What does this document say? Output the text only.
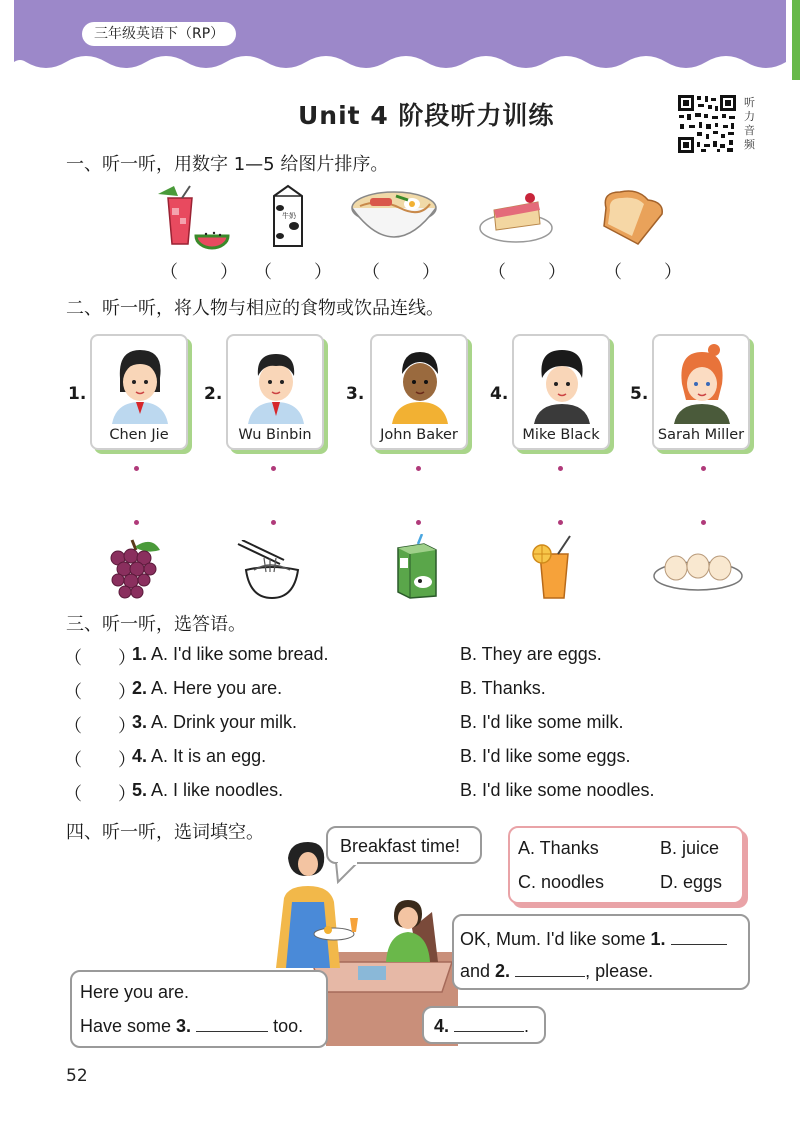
三年级英语下（RP）
Unit 4 阶段听力训练	听力音频
一、听一听，用数字 1—5 给图片排序。
牛奶
（　　） （　　） （　　）	（　　） （　　）
二、听一听，将人物与相应的食物或饮品连线。
1.
Chen Jie
2.
Wu Binbin
3.
John Baker
4.
Mike Black
5.
Sarah Miller
三、听一听，选答语。
（　　）
1. A. I'd like some bread.	B. They are eggs.
（　　）
2. A. Here you are.	B. Thanks.
（　　）
3. A. Drink your milk.	B. I'd like some milk.
（　　）
4. A. It is an egg.	B. I'd like some eggs.
（　　）
5. A. I like noodles.	B. I'd like some noodles.
四、听一听，选词填空。
Breakfast time!	A. Thanks	B. juice
C. noodles	D. eggs
OK, Mum. I'd like some 1.
and 2.	, please.
Here you are.
Have some 3.	too.	4.	.
52
